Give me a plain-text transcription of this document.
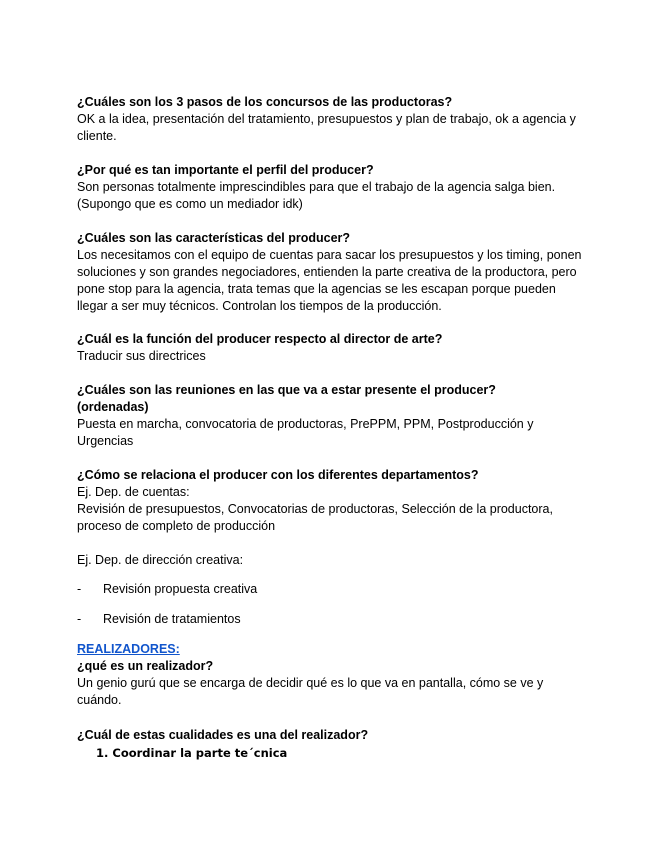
¿Cuáles son los 3 pasos de los concursos de las productoras?
OK a la idea, presentación del tratamiento, presupuestos y plan de trabajo, ok a agencia y cliente.
¿Por qué es tan importante el perfil del producer?
Son personas totalmente imprescindibles para que el trabajo de la agencia salga bien. (Supongo que es como un mediador idk)
¿Cuáles son las características del producer?
Los necesitamos con el equipo de cuentas para sacar los presupuestos y los timing, ponen soluciones y son grandes negociadores, entienden la parte creativa de la productora, pero pone stop para la agencia, trata temas que la agencias se les escapan porque pueden llegar a ser muy técnicos. Controlan los tiempos de la producción.
¿Cuál es la función del producer respecto al director de arte?
Traducir sus directrices
¿Cuáles son las reuniones en las que va a estar presente el producer? (ordenadas)
Puesta en marcha, convocatoria de productoras, PrePPM, PPM, Postproducción y Urgencias
¿Cómo se relaciona el producer con los diferentes departamentos?
Ej. Dep. de cuentas:
Revisión de presupuestos, Convocatorias de productoras, Selección de la productora, proceso de completo de producción
Ej. Dep. de dirección creativa:
- Revisión propuesta creativa
- Revisión de tratamientos
REALIZADORES:
¿qué es un realizador?
Un genio gurú que se encarga de decidir qué es lo que va en pantalla, cómo se ve y cuándo.
¿Cuál de estas cualidades es una del realizador?
1. Coordinar la parte te´cnica
